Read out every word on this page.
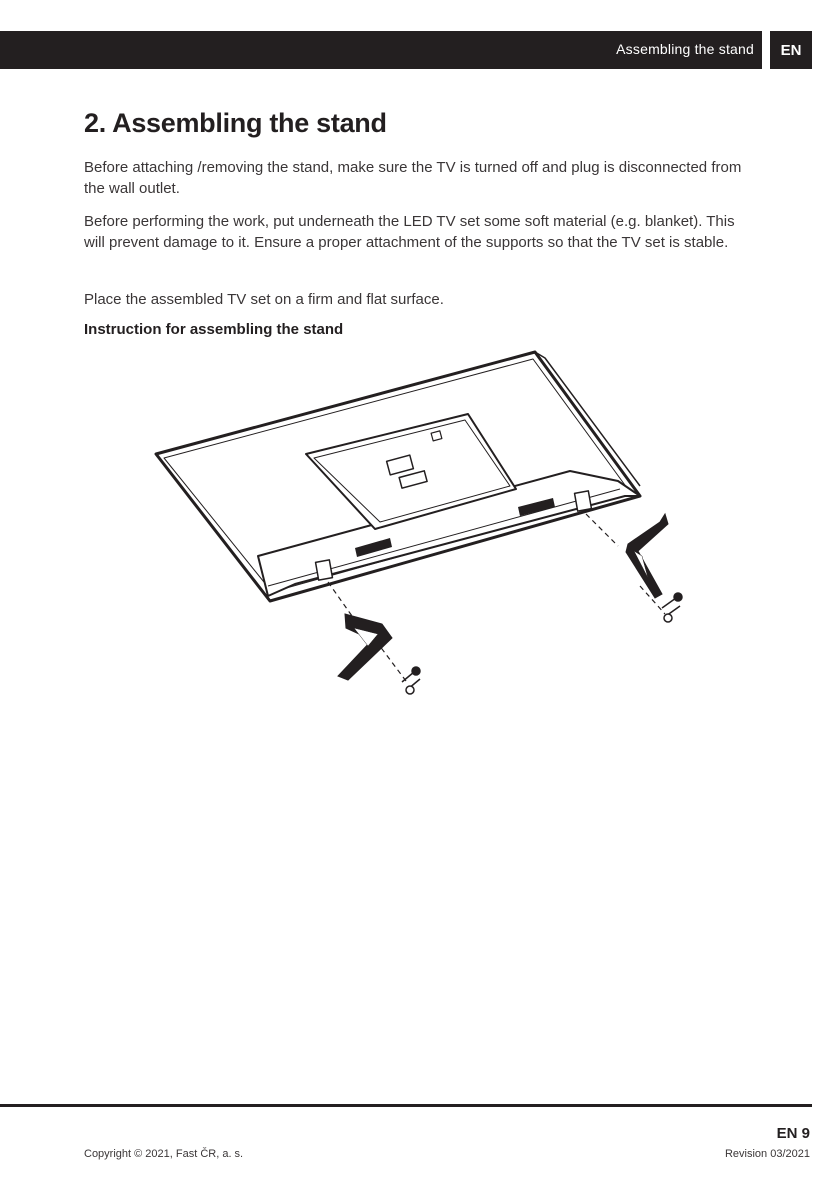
Assembling the stand	EN
2. Assembling the stand

Before attaching /removing the stand, make sure the TV is turned off and plug is disconnected from the wall outlet.

Before performing the work, put underneath the LED TV set some soft material (e.g. blanket). This will prevent damage to it. Ensure a proper attachment of the supports so that the TV set is stable.

Place the assembled TV set on a firm and flat surface.

Instruction for assembling the stand
EN 9
Copyright © 2021, Fast ČR, a. s.	Revision 03/2021
